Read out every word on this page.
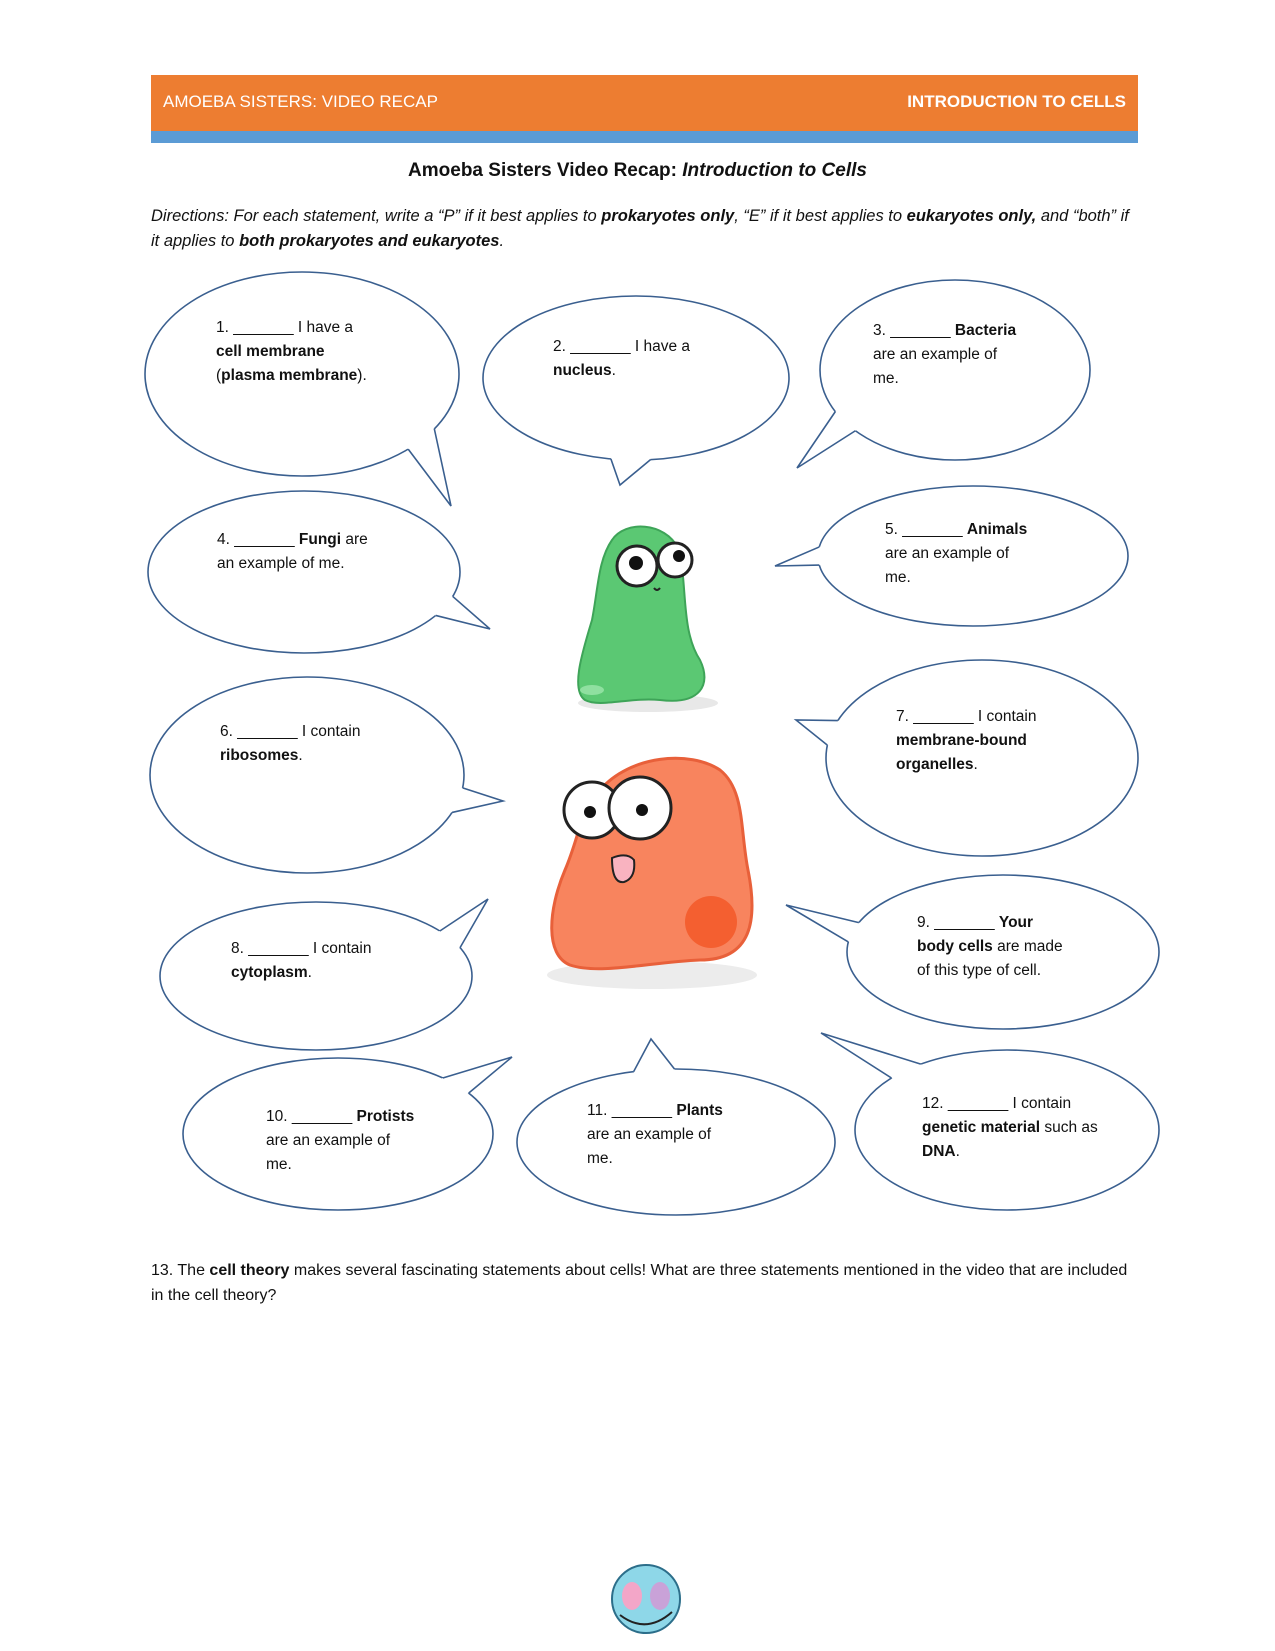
AMOEBA SISTERS: VIDEO RECAP	INTRODUCTION TO CELLS
Amoeba Sisters Video Recap: Introduction to Cells
Directions: For each statement, write a “P” if it best applies to prokaryotes only, “E” if it best applies to eukaryotes only, and “both” if it applies to both prokaryotes and eukaryotes.
1. _______ I have a
cell membrane
(plasma membrane).
2. _______ I have a
nucleus.
3. _______ Bacteria
are an example of
me.
4. _______ Fungi are
an example of me.
5. _______ Animals
are an example of
me.
6. _______ I contain
ribosomes.
7. _______ I contain
membrane-bound
organelles.
8. _______ I contain
cytoplasm.
9. _______ Your
body cells are made
of this type of cell.
10. _______ Protists
are an example of
me.
11. _______ Plants
are an example of
me.
12. _______ I contain
genetic material such as
DNA.
13. The cell theory makes several fascinating statements about cells! What are three statements mentioned in the video that are included in the cell theory?
